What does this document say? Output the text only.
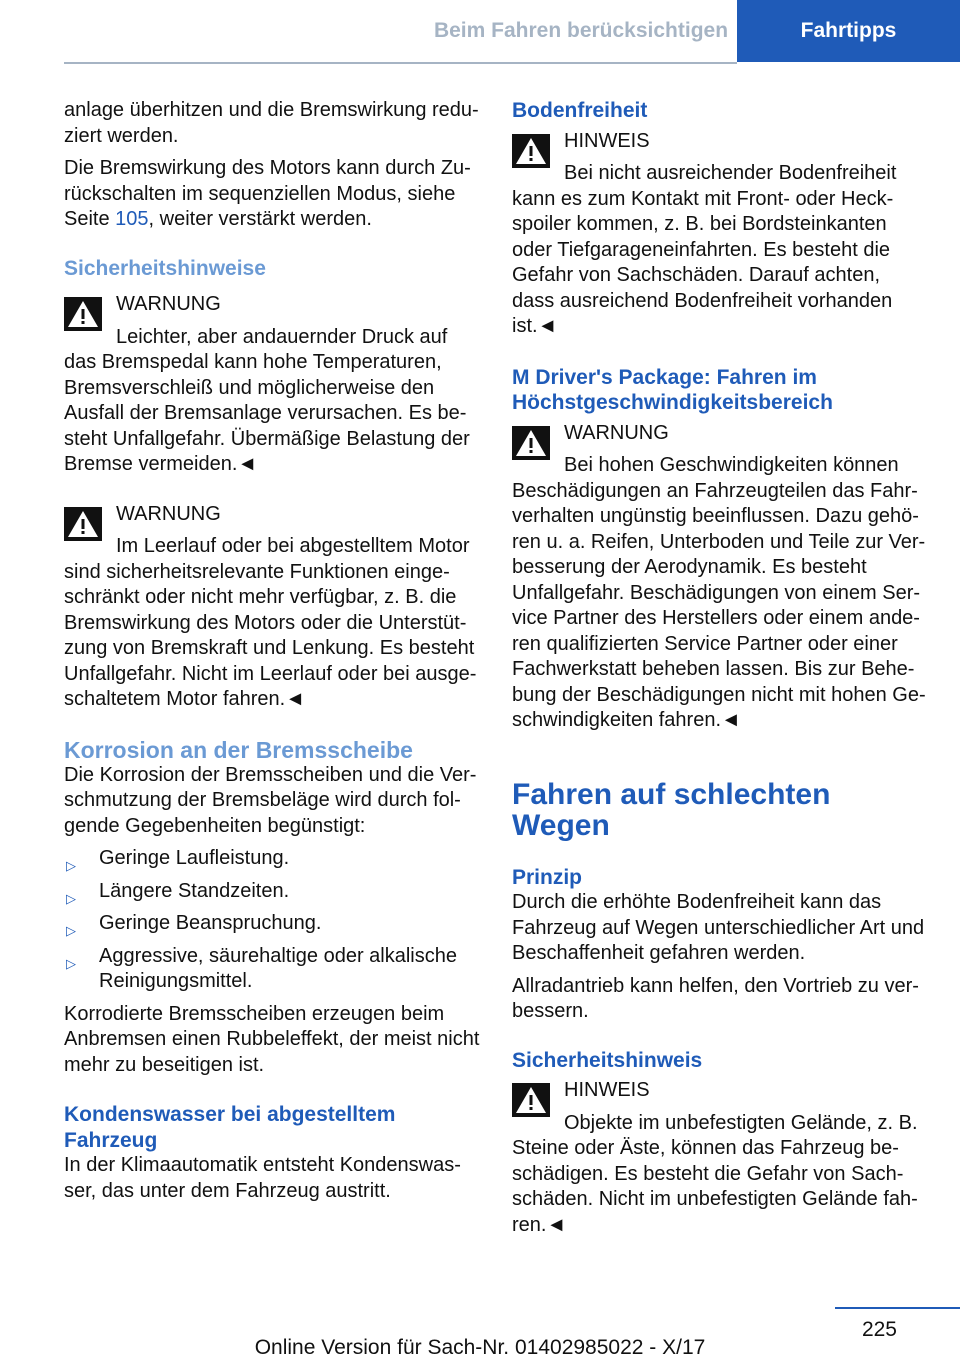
Beim Fahren berücksichtigen	Fahrtipps

anlage überhitzen und die Bremswirkung redu-ziert werden.

Die Bremswirkung des Motors kann durch Zu-rückschalten im sequenziellen Modus, siehe Seite 105, weiter verstärkt werden.

Sicherheitshinweise

WARNUNG

Leichter, aber andauernder Druck auf

das Bremspedal kann hohe Temperaturen, Bremsverschleiß und möglicherweise den Ausfall der Bremsanlage verursachen. Es be-steht Unfallgefahr. Übermäßige Belastung der Bremse vermeiden.◄

WARNUNG

Im Leerlauf oder bei abgestelltem Motor

sind sicherheitsrelevante Funktionen einge-schränkt oder nicht mehr verfügbar, z. B. die Bremswirkung des Motors oder die Unterstüt-zung von Bremskraft und Lenkung. Es besteht Unfallgefahr. Nicht im Leerlauf oder bei ausge-schaltetem Motor fahren.◄

Korrosion an der Bremsscheibe

Die Korrosion der Bremsscheiben und die Ver-schmutzung der Bremsbeläge wird durch fol-gende Gegebenheiten begünstigt:

▷ Geringe Laufleistung.
▷ Längere Standzeiten.
▷ Geringe Beanspruchung.
▷ Aggressive, säurehaltige oder alkalische Reinigungsmittel.

Korrodierte Bremsscheiben erzeugen beim Anbremsen einen Rubbeleffekt, der meist nicht mehr zu beseitigen ist.

Kondenswasser bei abgestelltem Fahrzeug

In der Klimaautomatik entsteht Kondenswas-ser, das unter dem Fahrzeug austritt.

Bodenfreiheit

HINWEIS

Bei nicht ausreichender Bodenfreiheit

kann es zum Kontakt mit Front- oder Heck-spoiler kommen, z. B. bei Bordsteinkanten oder Tiefgarageneinfahrten. Es besteht die Gefahr von Sachschäden. Darauf achten, dass ausreichend Bodenfreiheit vorhanden ist.◄

M Driver's Package: Fahren im Höchstgeschwindigkeitsbereich

WARNUNG

Bei hohen Geschwindigkeiten können

Beschädigungen an Fahrzeugteilen das Fahr-verhalten ungünstig beeinflussen. Dazu gehö-ren u. a. Reifen, Unterboden und Teile zur Ver-besserung der Aerodynamik. Es besteht Unfallgefahr. Beschädigungen von einem Ser-vice Partner des Herstellers oder einem ande-ren qualifizierten Service Partner oder einer Fachwerkstatt beheben lassen. Bis zur Behe-bung der Beschädigungen nicht mit hohen Ge-schwindigkeiten fahren.◄

Fahren auf schlechten Wegen

Prinzip

Durch die erhöhte Bodenfreiheit kann das Fahrzeug auf Wegen unterschiedlicher Art und Beschaffenheit gefahren werden.

Allradantrieb kann helfen, den Vortrieb zu ver-bessern.

Sicherheitshinweis

HINWEIS

Objekte im unbefestigten Gelände, z. B.

Steine oder Äste, können das Fahrzeug be-schädigen. Es besteht die Gefahr von Sach-schäden. Nicht im unbefestigten Gelände fah-ren.◄

225
Online Version für Sach-Nr. 01402985022 - X/17
